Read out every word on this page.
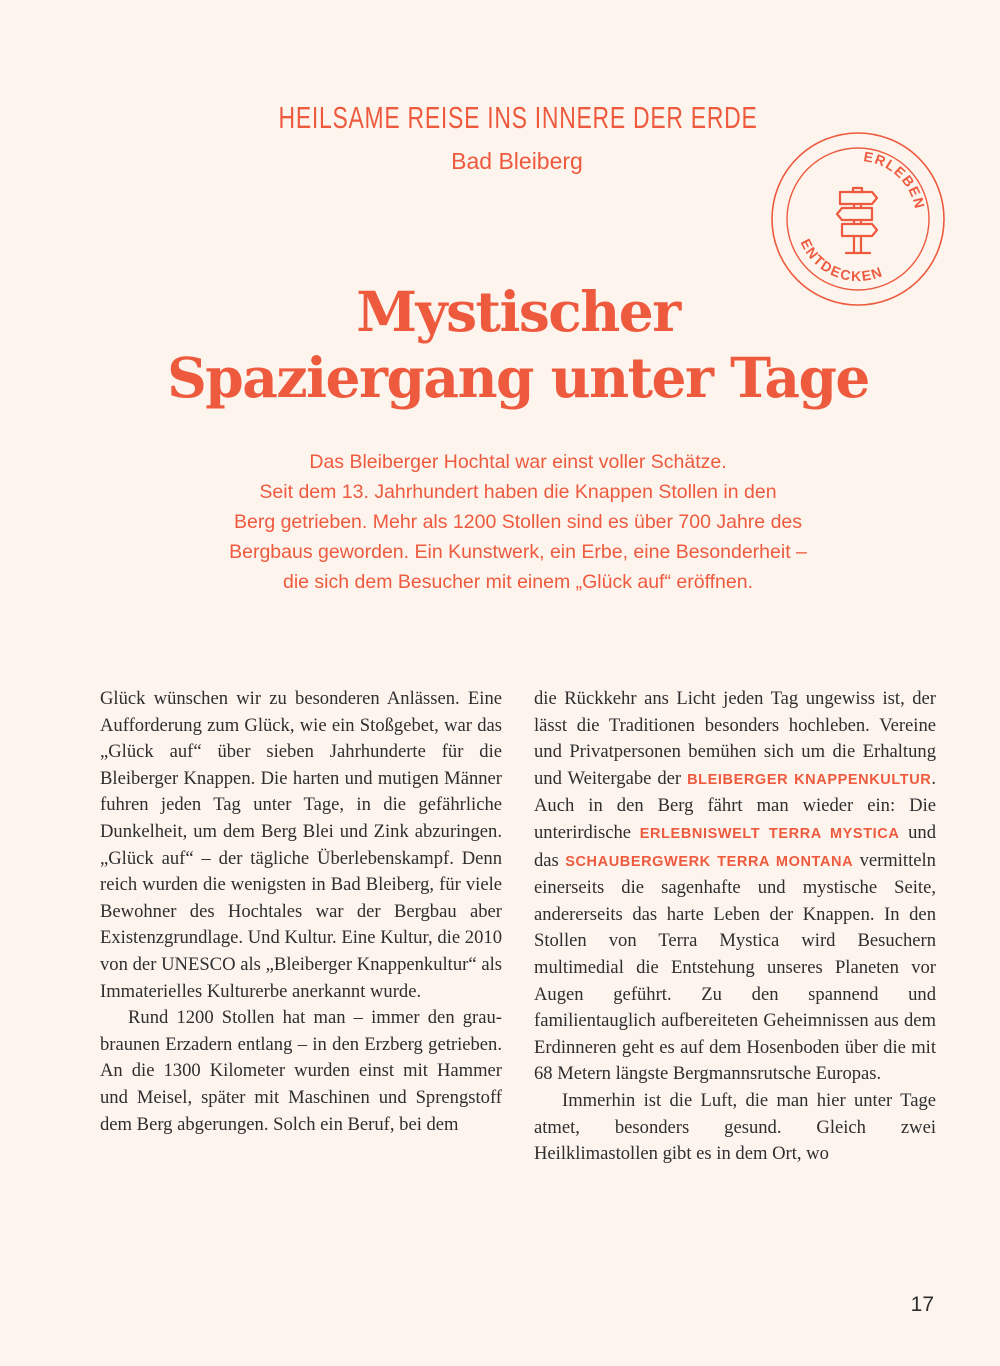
HEILSAME REISE INS INNERE DER ERDE
Bad Bleiberg	ERLEBEN
ENTDECKEN
Mystischer
Spaziergang unter Tage
Das Bleiberger Hochtal war einst voller Schätze.
Seit dem 13. Jahrhundert haben die Knappen Stollen in den
Berg getrieben. Mehr als 1200 Stollen sind es über 700 Jahre des
Bergbaus geworden. Ein Kunstwerk, ein Erbe, eine Besonderheit –
die sich dem Besucher mit einem „Glück auf“ eröffnen.

Glück wünschen wir zu besonderen Anlässen. Eine Aufforderung zum Glück, wie ein Stoßgebet, war das „Glück auf“ über sieben Jahrhunderte für die Bleiberger Knappen. Die harten und mutigen Männer fuhren jeden Tag unter Tage, in die gefährliche Dunkelheit, um dem Berg Blei und Zink abzuringen. „Glück auf“ – der tägliche Überlebenskampf. Denn reich wurden die wenigsten in Bad Bleiberg, für viele Bewohner des Hochtales war der Bergbau aber Existenzgrundlage. Und Kultur. Eine Kultur, die 2010 von der UNESCO als „Bleiberger Knappenkultur“ als Immaterielles Kulturerbe anerkannt wurde.

Rund 1200 Stollen hat man – immer den grau-braunen Erzadern entlang – in den Erzberg getrieben. An die 1300 Kilometer wurden einst mit Hammer und Meisel, später mit Maschinen und Sprengstoff dem Berg abgerungen. Solch ein Beruf, bei dem

die Rückkehr ans Licht jeden Tag ungewiss ist, der lässt die Traditionen besonders hochleben. Vereine und Privatpersonen bemühen sich um die Erhaltung und Weitergabe der BLEIBERGER KNAPPENKULTUR. Auch in den Berg fährt man wieder ein: Die unterirdische ERLEBNISWELT TERRA MYSTICA und das SCHAUBERGWERK TERRA MONTANA vermitteln einerseits die sagenhafte und mystische Seite, andererseits das harte Leben der Knappen. In den Stollen von Terra Mystica wird Besuchern multimedial die Entstehung unseres Planeten vor Augen geführt. Zu den spannend und familientauglich aufbereiteten Geheimnissen aus dem Erdinneren geht es auf dem Hosenboden über die mit 68 Metern längste Bergmannsrutsche Europas.

Immerhin ist die Luft, die man hier unter Tage atmet, besonders gesund. Gleich zwei Heilklimastollen gibt es in dem Ort, wo

17
